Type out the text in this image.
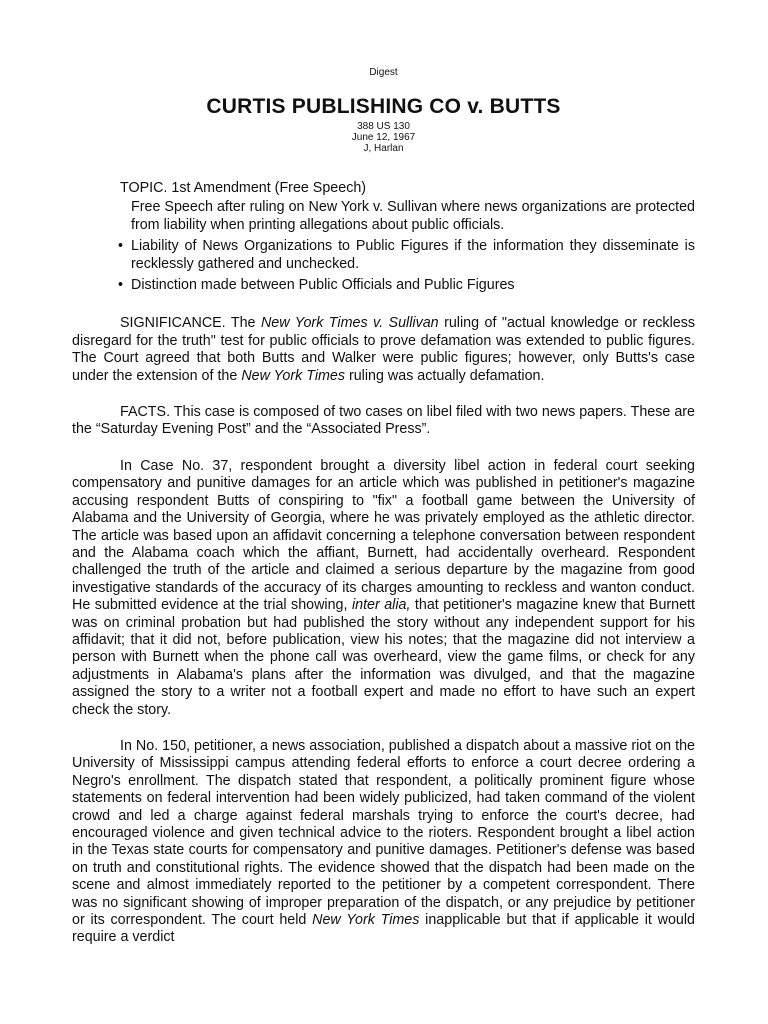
Digest
CURTIS PUBLISHING CO v. BUTTS
388 US 130
June 12, 1967
J, Harlan
TOPIC. 1st Amendment (Free Speech)
Free Speech after ruling on New York v. Sullivan where news organizations are protected from liability when printing allegations about public officials.
• Liability of News Organizations to Public Figures if the information they disseminate is recklessly gathered and unchecked.
• Distinction made between Public Officials and Public Figures

SIGNIFICANCE. The New York Times v. Sullivan ruling of "actual knowledge or reckless disregard for the truth" test for public officials to prove defamation was extended to public figures. The Court agreed that both Butts and Walker were public figures; however, only Butts's case under the extension of the New York Times ruling was actually defamation.

FACTS. This case is composed of two cases on libel filed with two news papers. These are the “Saturday Evening Post” and the “Associated Press”.

In Case No. 37, respondent brought a diversity libel action in federal court seeking compensatory and punitive damages for an article which was published in petitioner's magazine accusing respondent Butts of conspiring to "fix" a football game between the University of Alabama and the University of Georgia, where he was privately employed as the athletic director. The article was based upon an affidavit concerning a telephone conversation between respondent and the Alabama coach which the affiant, Burnett, had accidentally overheard. Respondent challenged the truth of the article and claimed a serious departure by the magazine from good investigative standards of the accuracy of its charges amounting to reckless and wanton conduct. He submitted evidence at the trial showing, inter alia, that petitioner's magazine knew that Burnett was on criminal probation but had published the story without any independent support for his affidavit; that it did not, before publication, view his notes; that the magazine did not interview a person with Burnett when the phone call was overheard, view the game films, or check for any adjustments in Alabama's plans after the information was divulged, and that the magazine assigned the story to a writer not a football expert and made no effort to have such an expert check the story.

In No. 150, petitioner, a news association, published a dispatch about a massive riot on the University of Mississippi campus attending federal efforts to enforce a court decree ordering a Negro's enrollment. The dispatch stated that respondent, a politically prominent figure whose statements on federal intervention had been widely publicized, had taken command of the violent crowd and led a charge against federal marshals trying to enforce the court's decree, had encouraged violence and given technical advice to the rioters. Respondent brought a libel action in the Texas state courts for compensatory and punitive damages. Petitioner's defense was based on truth and constitutional rights. The evidence showed that the dispatch had been made on the scene and almost immediately reported to the petitioner by a competent correspondent. There was no significant showing of improper preparation of the dispatch, or any prejudice by petitioner or its correspondent. The court held New York Times inapplicable but that if applicable it would require a verdict
